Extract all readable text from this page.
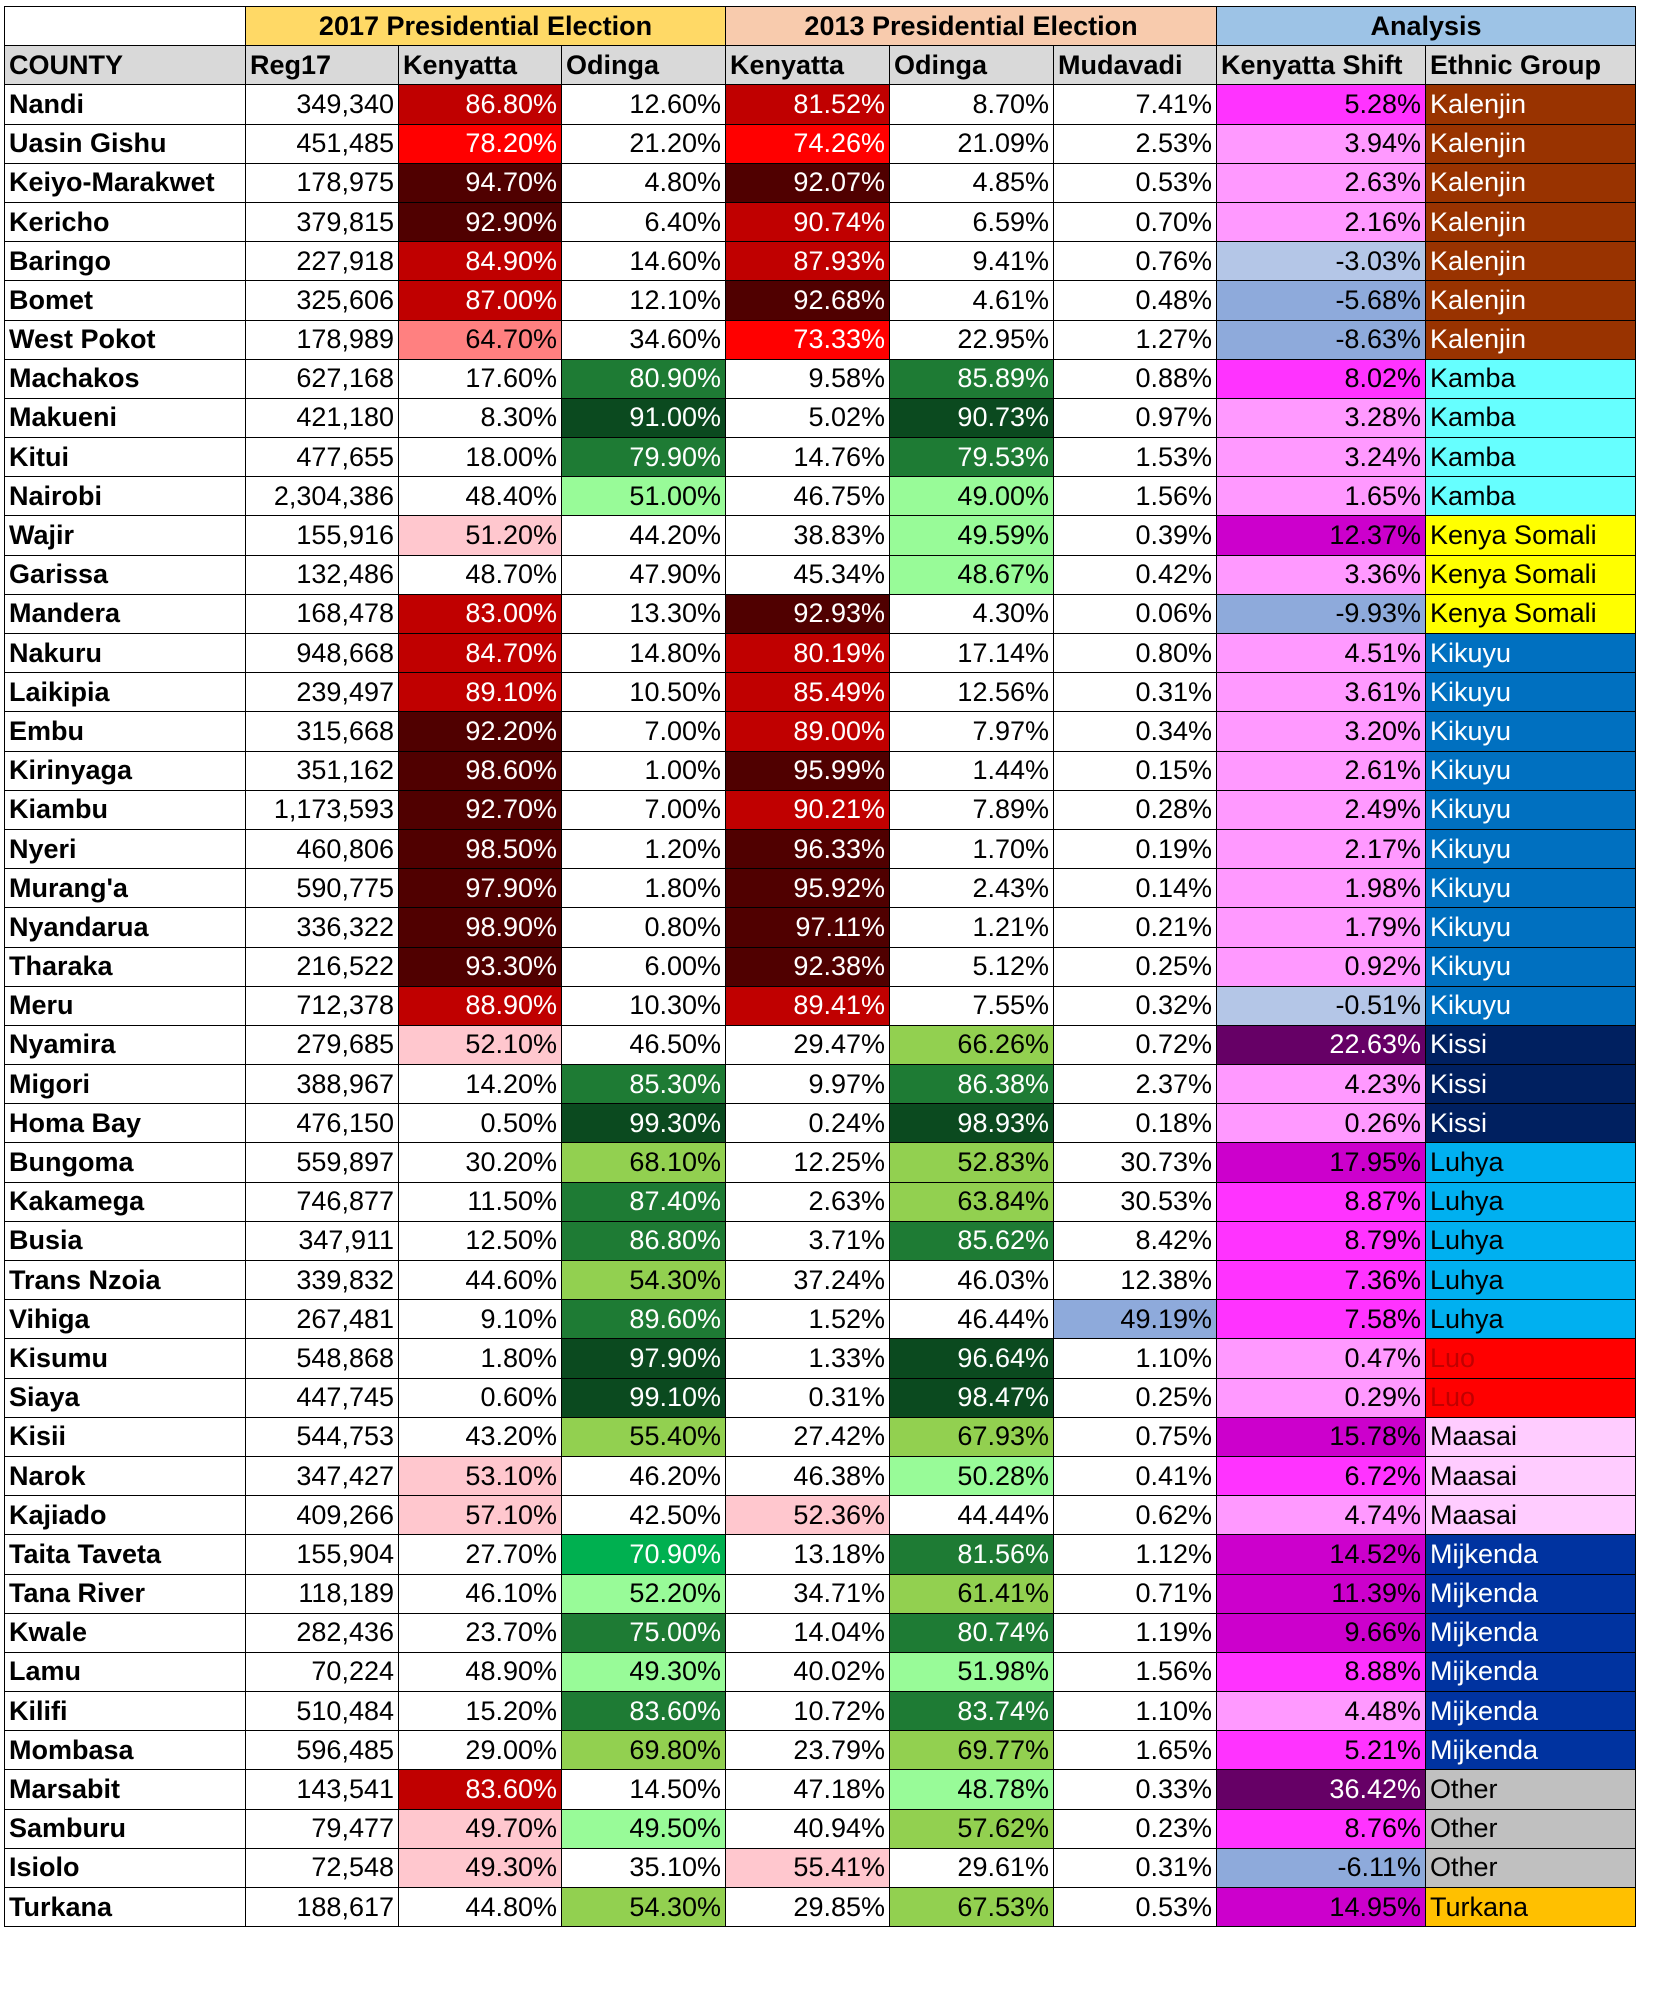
	2017 Presidential Election			2013 Presidential Election			Analysis	
COUNTY	Reg17	Kenyatta	Odinga	Kenyatta	Odinga	Mudavadi	Kenyatta Shift	Ethnic Group
Nandi	349,340	86.80%	12.60%	81.52%	8.70%	7.41%	5.28%	Kalenjin
Uasin Gishu	451,485	78.20%	21.20%	74.26%	21.09%	2.53%	3.94%	Kalenjin
Keiyo-Marakwet	178,975	94.70%	4.80%	92.07%	4.85%	0.53%	2.63%	Kalenjin
Kericho	379,815	92.90%	6.40%	90.74%	6.59%	0.70%	2.16%	Kalenjin
Baringo	227,918	84.90%	14.60%	87.93%	9.41%	0.76%	-3.03%	Kalenjin
Bomet	325,606	87.00%	12.10%	92.68%	4.61%	0.48%	-5.68%	Kalenjin
West Pokot	178,989	64.70%	34.60%	73.33%	22.95%	1.27%	-8.63%	Kalenjin
Machakos	627,168	17.60%	80.90%	9.58%	85.89%	0.88%	8.02%	Kamba
Makueni	421,180	8.30%	91.00%	5.02%	90.73%	0.97%	3.28%	Kamba
Kitui	477,655	18.00%	79.90%	14.76%	79.53%	1.53%	3.24%	Kamba
Nairobi	2,304,386	48.40%	51.00%	46.75%	49.00%	1.56%	1.65%	Kamba
Wajir	155,916	51.20%	44.20%	38.83%	49.59%	0.39%	12.37%	Kenya Somali
Garissa	132,486	48.70%	47.90%	45.34%	48.67%	0.42%	3.36%	Kenya Somali
Mandera	168,478	83.00%	13.30%	92.93%	4.30%	0.06%	-9.93%	Kenya Somali
Nakuru	948,668	84.70%	14.80%	80.19%	17.14%	0.80%	4.51%	Kikuyu
Laikipia	239,497	89.10%	10.50%	85.49%	12.56%	0.31%	3.61%	Kikuyu
Embu	315,668	92.20%	7.00%	89.00%	7.97%	0.34%	3.20%	Kikuyu
Kirinyaga	351,162	98.60%	1.00%	95.99%	1.44%	0.15%	2.61%	Kikuyu
Kiambu	1,173,593	92.70%	7.00%	90.21%	7.89%	0.28%	2.49%	Kikuyu
Nyeri	460,806	98.50%	1.20%	96.33%	1.70%	0.19%	2.17%	Kikuyu
Murang'a	590,775	97.90%	1.80%	95.92%	2.43%	0.14%	1.98%	Kikuyu
Nyandarua	336,322	98.90%	0.80%	97.11%	1.21%	0.21%	1.79%	Kikuyu
Tharaka	216,522	93.30%	6.00%	92.38%	5.12%	0.25%	0.92%	Kikuyu
Meru	712,378	88.90%	10.30%	89.41%	7.55%	0.32%	-0.51%	Kikuyu
Nyamira	279,685	52.10%	46.50%	29.47%	66.26%	0.72%	22.63%	Kissi
Migori	388,967	14.20%	85.30%	9.97%	86.38%	2.37%	4.23%	Kissi
Homa Bay	476,150	0.50%	99.30%	0.24%	98.93%	0.18%	0.26%	Kissi
Bungoma	559,897	30.20%	68.10%	12.25%	52.83%	30.73%	17.95%	Luhya
Kakamega	746,877	11.50%	87.40%	2.63%	63.84%	30.53%	8.87%	Luhya
Busia	347,911	12.50%	86.80%	3.71%	85.62%	8.42%	8.79%	Luhya
Trans Nzoia	339,832	44.60%	54.30%	37.24%	46.03%	12.38%	7.36%	Luhya
Vihiga	267,481	9.10%	89.60%	1.52%	46.44%	49.19%	7.58%	Luhya
Kisumu	548,868	1.80%	97.90%	1.33%	96.64%	1.10%	0.47%	Luo
Siaya	447,745	0.60%	99.10%	0.31%	98.47%	0.25%	0.29%	Luo
Kisii	544,753	43.20%	55.40%	27.42%	67.93%	0.75%	15.78%	Maasai
Narok	347,427	53.10%	46.20%	46.38%	50.28%	0.41%	6.72%	Maasai
Kajiado	409,266	57.10%	42.50%	52.36%	44.44%	0.62%	4.74%	Maasai
Taita Taveta	155,904	27.70%	70.90%	13.18%	81.56%	1.12%	14.52%	Mijkenda
Tana River	118,189	46.10%	52.20%	34.71%	61.41%	0.71%	11.39%	Mijkenda
Kwale	282,436	23.70%	75.00%	14.04%	80.74%	1.19%	9.66%	Mijkenda
Lamu	70,224	48.90%	49.30%	40.02%	51.98%	1.56%	8.88%	Mijkenda
Kilifi	510,484	15.20%	83.60%	10.72%	83.74%	1.10%	4.48%	Mijkenda
Mombasa	596,485	29.00%	69.80%	23.79%	69.77%	1.65%	5.21%	Mijkenda
Marsabit	143,541	83.60%	14.50%	47.18%	48.78%	0.33%	36.42%	Other
Samburu	79,477	49.70%	49.50%	40.94%	57.62%	0.23%	8.76%	Other
Isiolo	72,548	49.30%	35.10%	55.41%	29.61%	0.31%	-6.11%	Other
Turkana	188,617	44.80%	54.30%	29.85%	67.53%	0.53%	14.95%	Turkana
